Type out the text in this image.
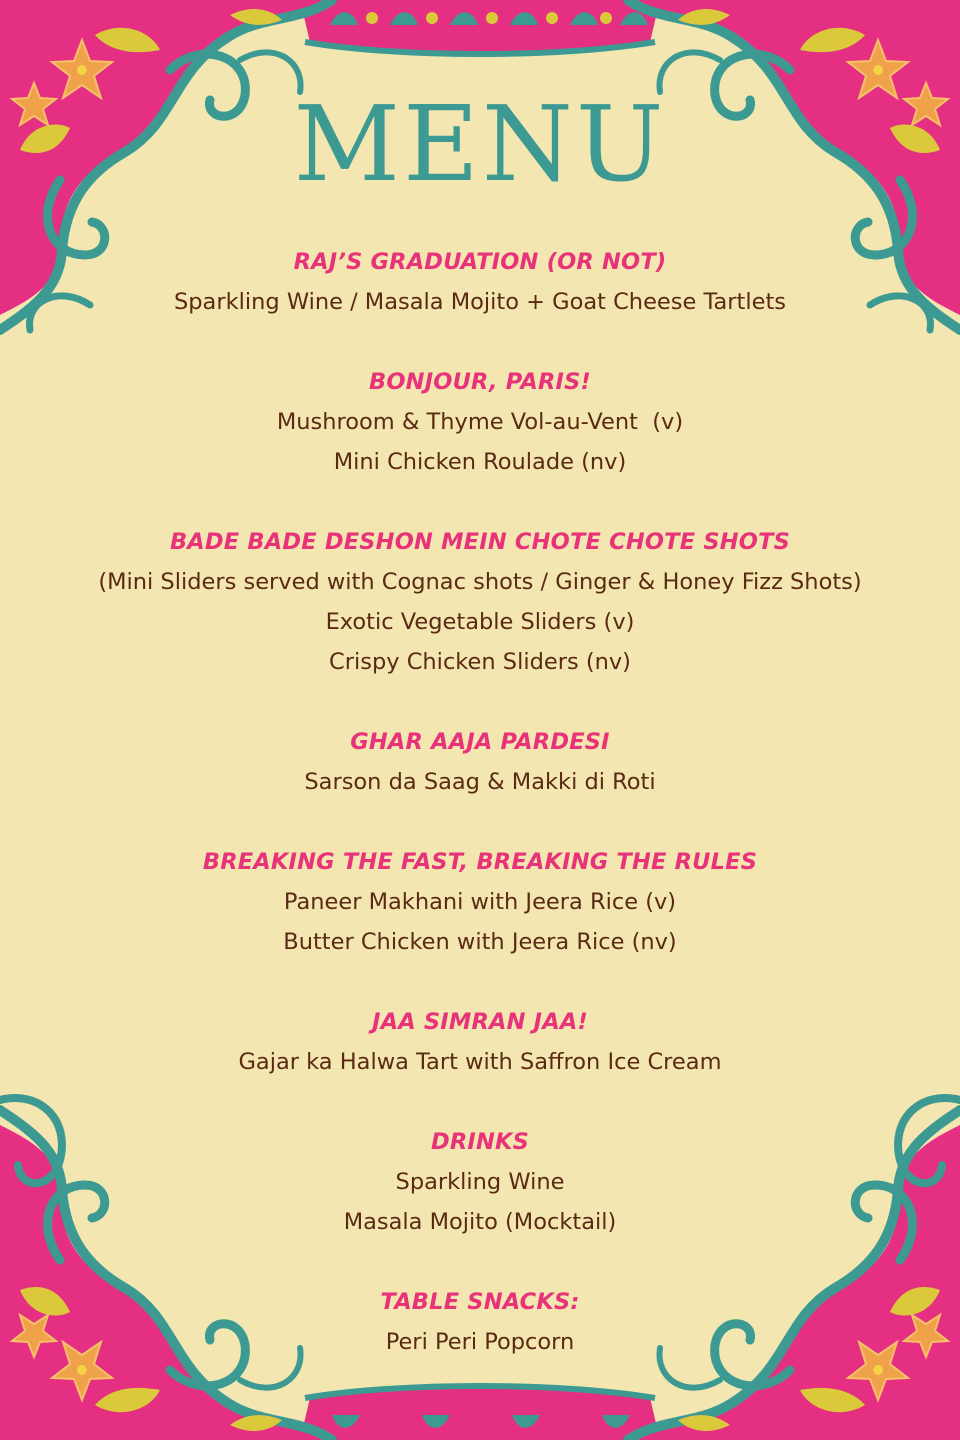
MENU
RAJ’S GRADUATION (OR NOT)
Sparkling Wine / Masala Mojito + Goat Cheese Tartlets
BONJOUR, PARIS!
Mushroom & Thyme Vol-au-Vent  (v)
Mini Chicken Roulade (nv)
BADE BADE DESHON MEIN CHOTE CHOTE SHOTS
(Mini Sliders served with Cognac shots / Ginger & Honey Fizz Shots)
Exotic Vegetable Sliders (v)
Crispy Chicken Sliders (nv)
GHAR AAJA PARDESI
Sarson da Saag & Makki di Roti
BREAKING THE FAST, BREAKING THE RULES
Paneer Makhani with Jeera Rice (v)
Butter Chicken with Jeera Rice (nv)
JAA SIMRAN JAA!
Gajar ka Halwa Tart with Saffron Ice Cream
DRINKS
Sparkling Wine
Masala Mojito (Mocktail)
TABLE SNACKS:
Peri Peri Popcorn
